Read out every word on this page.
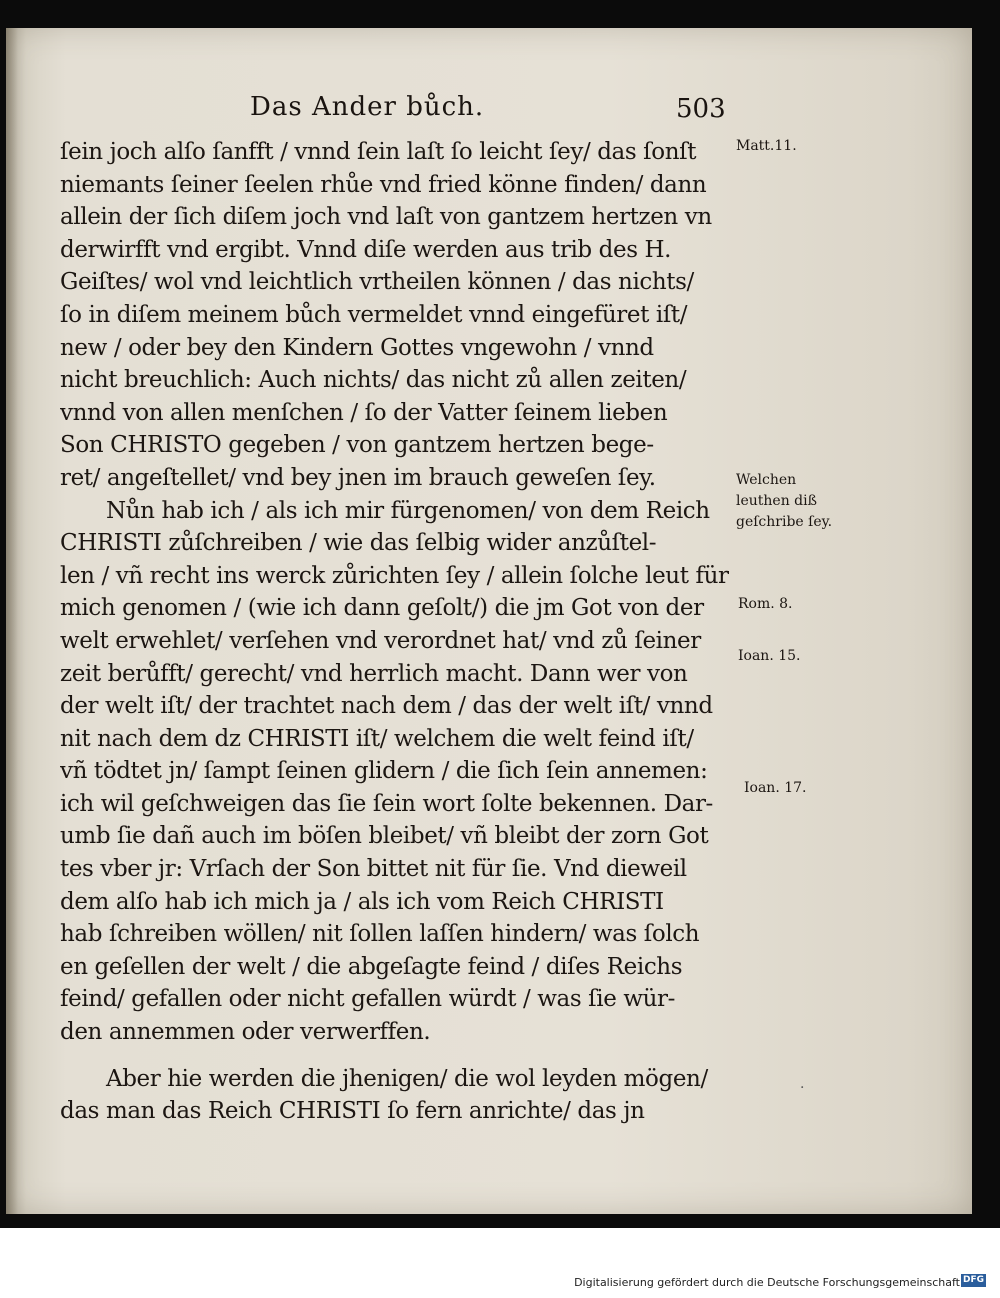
Das Ander bůch.	503
ſein joch alſo ſanfft / vnnd ſein laſt ſo leicht ſey/ das ſonſt
niemants ſeiner ſeelen rhůe vnd fried könne finden/ dann
allein der ſich diſem joch vnd laſt von gantzem hertzen vn
derwirfft vnd ergibt. Vnnd diſe werden aus trib des H.
Geiſtes/ wol vnd leichtlich vrtheilen können / das nichts/
ſo in diſem meinem bůch vermeldet vnnd eingefüret iſt/
new / oder bey den Kindern Gottes vngewohn / vnnd
nicht breuchlich: Auch nichts/ das nicht zů allen zeiten/
vnnd von allen menſchen / ſo der Vatter ſeinem lieben
Son CHRISTO gegeben / von gantzem hertzen bege-
ret/ angeſtellet/ vnd bey jnen im brauch geweſen ſey.
Nůn hab ich / als ich mir fürgenomen/ von dem Reich
CHRISTI zůſchreiben / wie das ſelbig wider anzůſtel-
len / vñ recht ins werck zůrichten ſey / allein ſolche leut für
mich genomen / (wie ich dann geſolt/) die jm Got von der
welt erwehlet/ verſehen vnd verordnet hat/ vnd zů ſeiner
zeit berůfft/ gerecht/ vnd herrlich macht. Dann wer von
der welt iſt/ der trachtet nach dem / das der welt iſt/ vnnd
nit nach dem dz CHRISTI iſt/ welchem die welt feind iſt/
vñ tödtet jn/ ſampt ſeinen glidern / die ſich ſein annemen:
ich wil geſchweigen das ſie ſein wort ſolte bekennen. Dar-
umb ſie dañ auch im böſen bleibet/ vñ bleibt der zorn Got
tes vber jr: Vrſach der Son bittet nit für ſie. Vnd dieweil
dem alſo hab ich mich ja / als ich vom Reich CHRISTI
hab ſchreiben wöllen/ nit ſollen laſſen hindern/ was ſolch
en geſellen der welt / die abgeſagte feind / diſes Reichs
feind/ gefallen oder nicht gefallen würdt / was ſie wür-
den annemmen oder verwerffen.
Aber hie werden die jhenigen/ die wol leyden mögen/
das man das Reich CHRISTI ſo fern anrichte/ das jn
Matt.11.
Welchen
leuthen diß
geſchribe ſey.
Rom. 8.
Ioan. 15.
Ioan. 17.
·
Digitalisierung gefördert durch die Deutsche Forschungsgemeinschaft DFG
